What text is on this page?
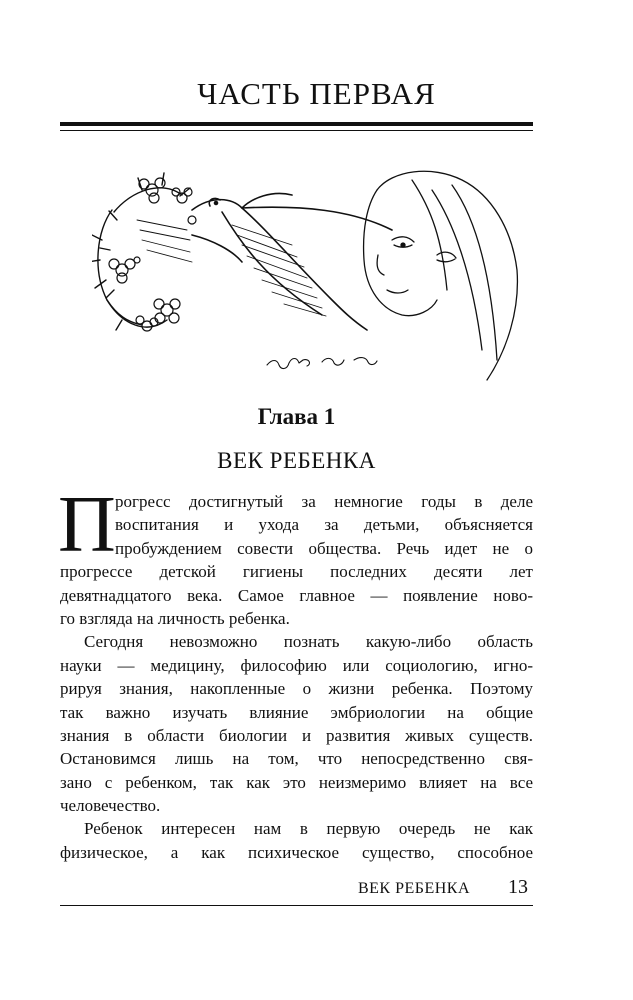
ЧАСТЬ ПЕРВАЯ
Глава 1
ВЕК РЕБЕНКА
П рогресс достигнутый за немногие годы в деле
воспитания и ухода за детьми, объясняется
пробуждением совести общества. Речь идет не о
прогрессе детской гигиены последних десяти лет
девятнадцатого века. Самое главное — появление ново-
го взгляда на личность ребенка.
Сегодня невозможно познать какую-либо область
науки — медицину, философию или социологию, игно-
рируя знания, накопленные о жизни ребенка. Поэтому
так важно изучать влияние эмбриологии на общие
знания в области биологии и развития живых существ.
Остановимся лишь на том, что непосредственно свя-
зано с ребенком, так как это неизмеримо влияет на все
человечество.
Ребенок интересен нам в первую очередь не как
физическое, а как психическое существо, способное
ВЕК РЕБЕНКА	13
